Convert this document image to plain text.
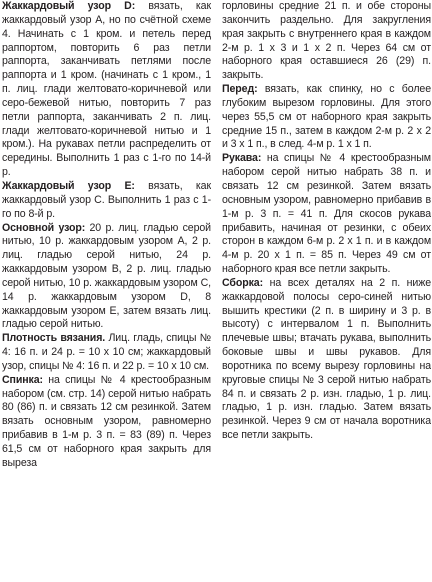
Жаккардовый узор D: вязать, как жаккардовый узор А, но по счётной схеме 4. Начинать с 1 кром. и петель перед раппортом, повторить 6 раз петли раппорта, заканчивать петлями после раппорта и 1 кром. (начинать с 1 кром., 1 п. лиц. глади желтовато-коричневой или серо-бежевой нитью, повторить 7 раз петли раппорта, заканчивать 2 п. лиц. глади желтовато-коричневой нитью и 1 кром.). На рукавах петли распределить от середины. Выполнить 1 раз с 1-го по 14-й р.

Жаккардовый узор Е: вязать, как жаккардовый узор С. Выполнить 1 раз с 1-го по 8-й р.

Основной узор: 20 р. лиц. гладью серой нитью, 10 р. жаккардовым узором А, 2 р. лиц. гладью серой нитью, 24 р. жаккардовым узором В, 2 р. лиц. гладью серой нитью, 10 р. жаккардовым узором С, 14 р. жаккардовым узором D, 8 жаккардовым узором Е, затем вязать лиц. гладью серой нитью.

Плотность вязания. Лиц. гладь, спицы № 4: 16 п. и 24 р. = 10 х 10 см; жаккардовый узор, спицы № 4: 16 п. и 22 р. = 10 х 10 см.

Спинка: на спицы № 4 крестообразным набором (см. стр. 14) серой нитью набрать 80 (86) п. и связать 12 см резинкой. Затем вязать основным узором, равномерно прибавив в 1-м р. 3 п. = 83 (89) п. Через 61,5 см от наборного края закрыть для выреза

горловины средние 21 п. и обе стороны закончить раздельно. Для закругления края закрыть с внутреннего края в каждом 2-м р. 1 х 3 и 1 х 2 п. Через 64 см от наборного края оставшиеся 26 (29) п. закрыть.

Перед: вязать, как спинку, но с более глубоким вырезом горловины. Для этого через 55,5 см от наборного края закрыть средние 15 п., затем в каждом 2-м р. 2 х 2 и 3 х 1 п., в след. 4-м р. 1 х 1 п.

Рукава: на спицы № 4 крестообразным набором серой нитью набрать 38 п. и связать 12 см резинкой. Затем вязать основным узором, равномерно прибавив в 1-м р. 3 п. = 41 п. Для скосов рукава прибавить, начиная от резинки, с обеих сторон в каждом 6-м р. 2 х 1 п. и в каждом 4-м р. 20 х 1 п. = 85 п. Через 49 см от наборного края все петли закрыть.

Сборка: на всех деталях на 2 п. ниже жаккардовой полосы серо-синей нитью вышить крестики (2 п. в ширину и 3 р. в высоту) с интервалом 1 п. Выполнить плечевые швы; втачать рукава, выполнить боковые швы и швы рукавов. Для воротника по всему вырезу горловины на круговые спицы № 3 серой нитью набрать 84 п. и связать 2 р. изн. гладью, 1 р. лиц. гладью, 1 р. изн. гладью. Затем вязать резинкой. Через 9 см от начала воротника все петли закрыть.
